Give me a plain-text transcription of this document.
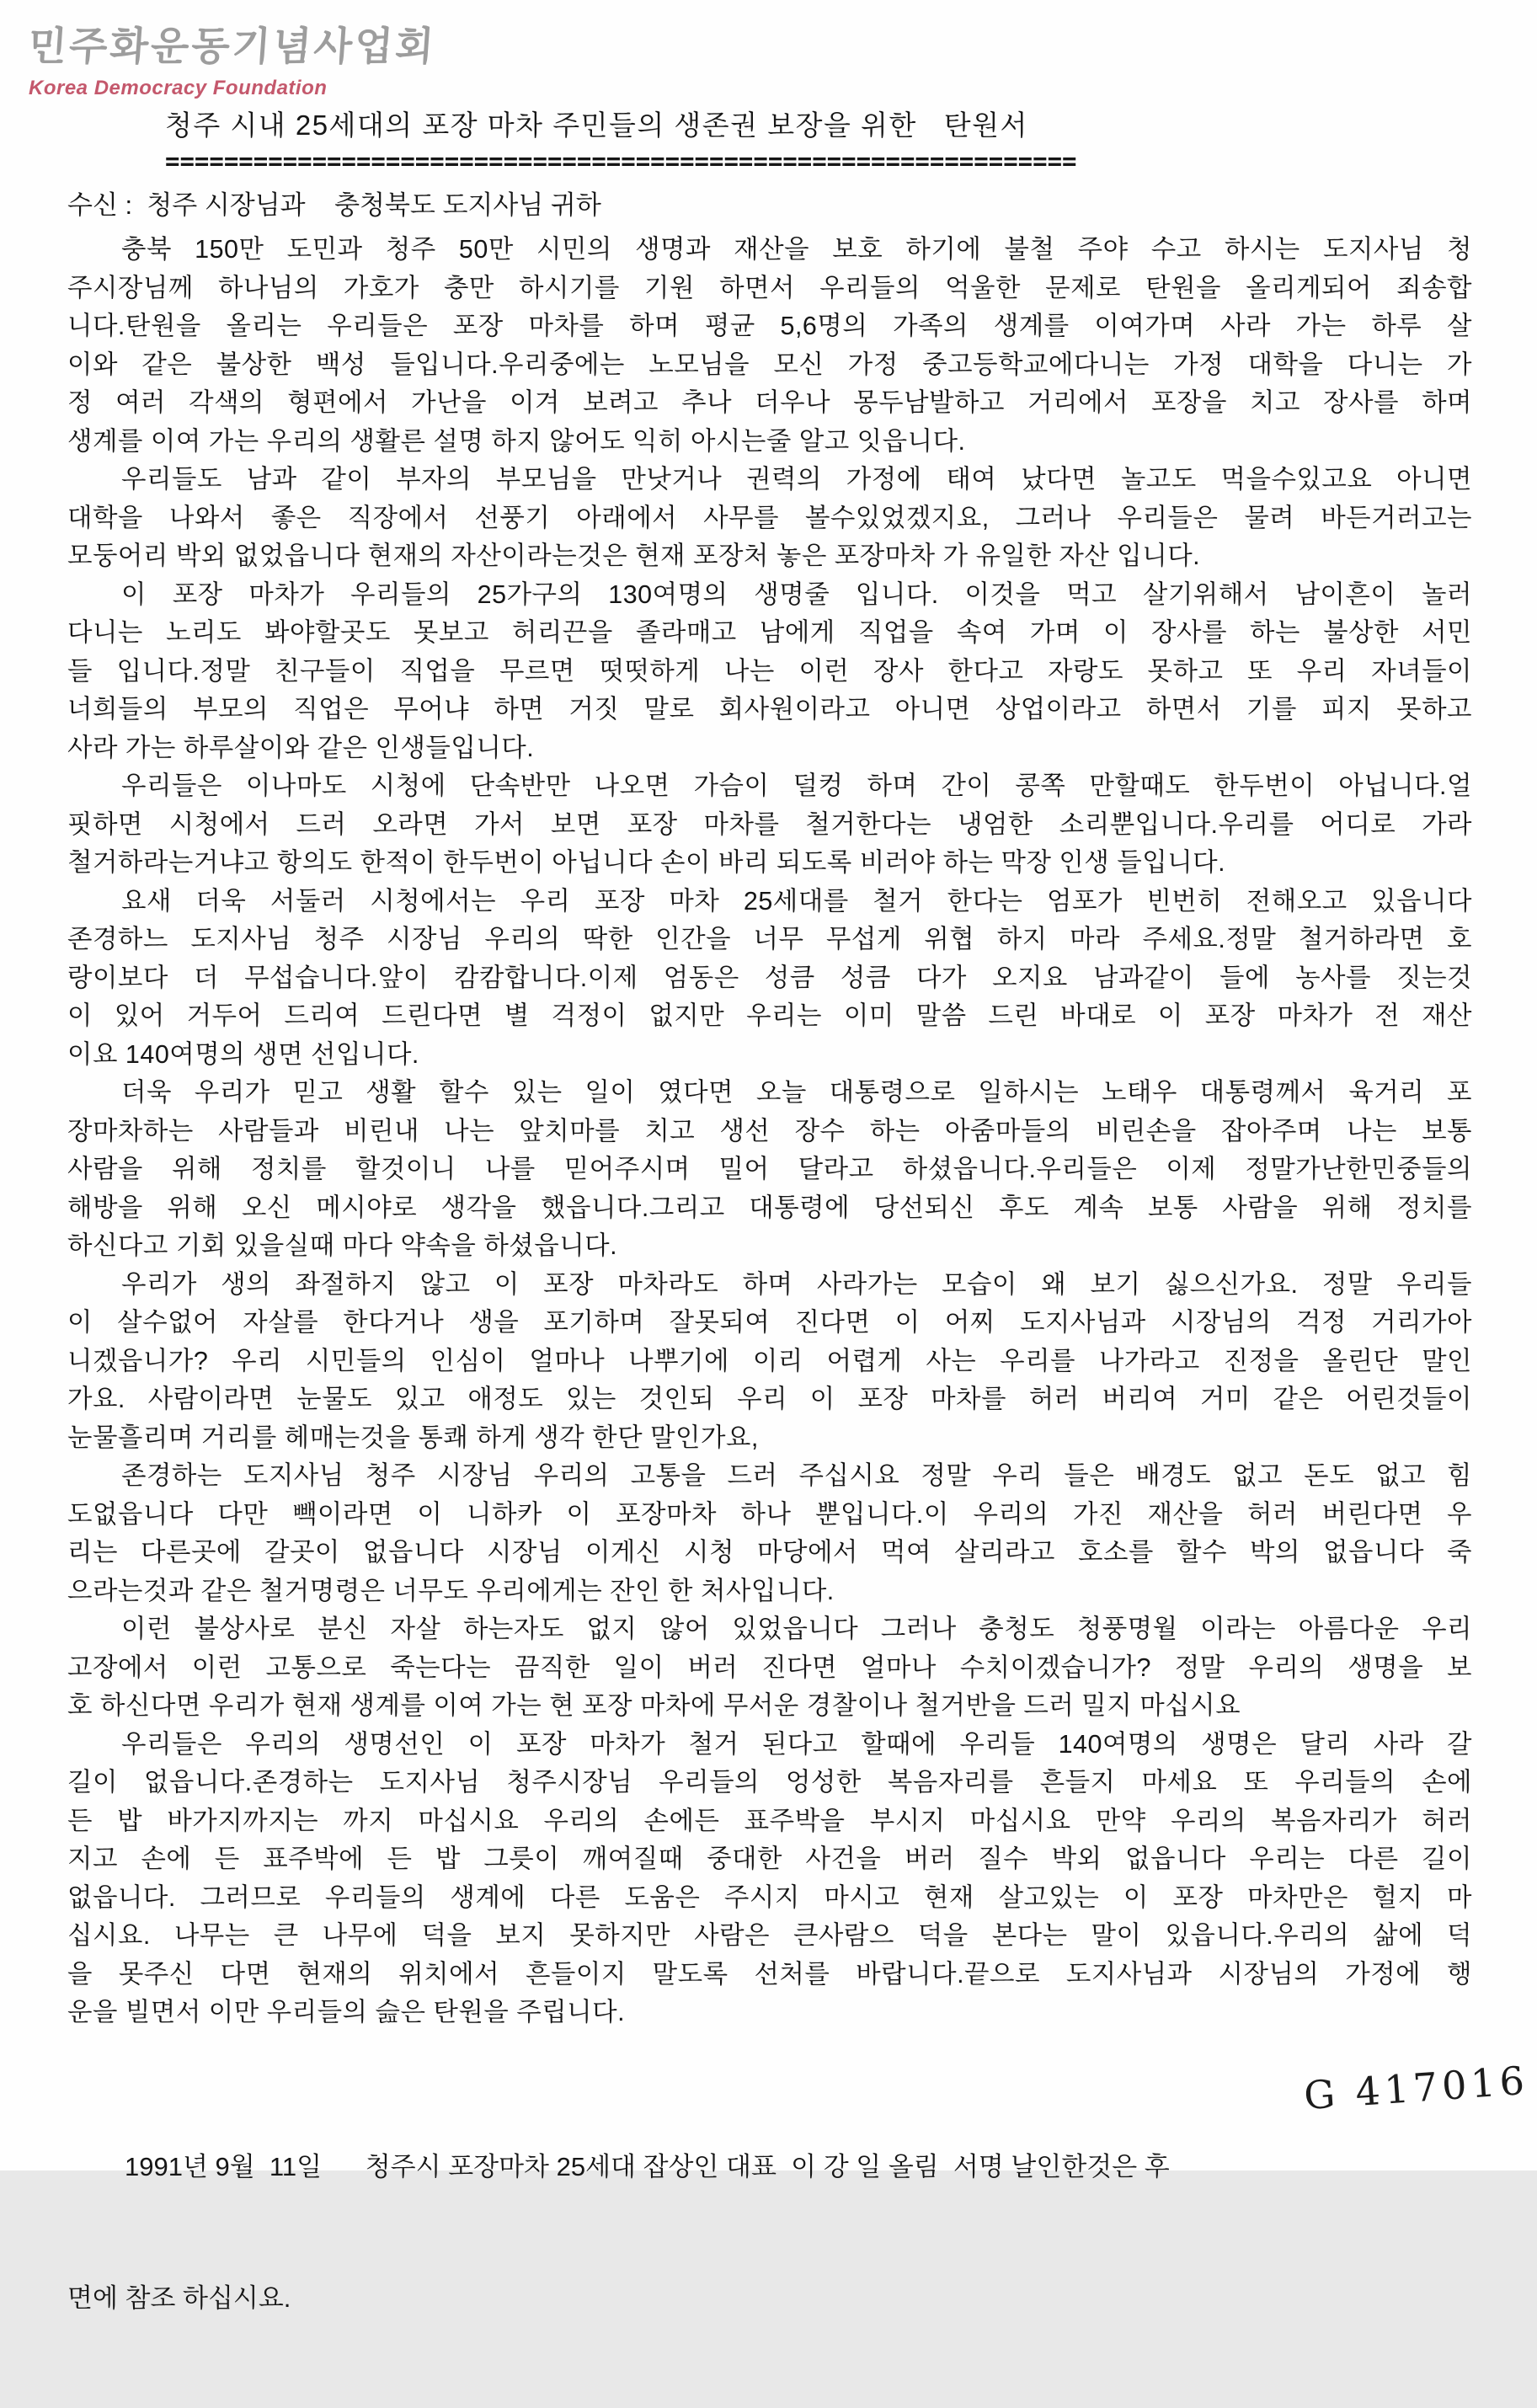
민주화운동기념사업회
Korea Democracy Foundation
청주 시내 25세대의 포장 마차 주민들의 생존권 보장을 위한   탄원서
==============================================================
수신 :  청주 시장님과    충청북도 도지사님 귀하
충북 150만 도민과 청주 50만 시민의 생명과 재산을 보호 하기에 불철 주야 수고 하시는 도지사님 청
주시장님께 하나님의 가호가 충만 하시기를 기원 하면서 우리들의 억울한 문제로 탄원을 올리게되어 죄송합
니다.탄원을 올리는 우리들은 포장 마차를 하며 평균 5,6명의 가족의 생계를 이여가며 사라 가는 하루 살
이와 같은 불상한 백성 들입니다.우리중에는 노모님을 모신 가정 중고등학교에다니는 가정 대학을 다니는 가
정 여러 각색의 형편에서 가난을 이겨 보려고 추나 더우나 몽두남발하고 거리에서 포장을 치고 장사를 하며
생계를 이여 가는 우리의 생활른 설명 하지 않어도 익히 아시는줄 알고 잇읍니다.
우리들도 남과 같이 부자의 부모님을 만낫거나 권력의 가정에 태여 났다면 놀고도 먹을수있고요 아니면
대학을 나와서 좋은 직장에서 선풍기 아래에서 사무를 볼수있었겠지요, 그러나 우리들은 물려 바든거러고는
모둥어리 박외 없었읍니다 현재의 자산이라는것은 현재 포장처 놓은 포장마차 가 유일한 자산 입니다.
이 포장 마차가 우리들의 25가구의 130여명의 생명줄 입니다. 이것을 먹고 살기위해서 남이흔이 놀러
다니는 노리도 봐야할곳도 못보고 허리끈을 졸라매고 남에게 직업을 속여 가며 이 장사를 하는 불상한 서민
들 입니다.정말 친구들이 직업을 무르면 떳떳하게 나는 이런 장사 한다고 자랑도 못하고 또 우리 자녀들이
너희들의 부모의 직업은 무어냐 하면 거짓 말로 회사원이라고 아니면 상업이라고 하면서 기를 피지 못하고
사라 가는 하루살이와 같은 인생들입니다.
우리들은 이나마도 시청에 단속반만 나오면 가슴이 덜컹 하며 간이 콩쪽 만할때도 한두번이 아닙니다.얼
핏하면 시청에서 드러 오라면 가서 보면 포장 마차를 철거한다는 냉엄한 소리뿐입니다.우리를 어디로 가라
철거하라는거냐고 항의도 한적이 한두번이 아닙니다 손이 바리 되도록 비러야 하는 막장 인생 들입니다.
요새 더욱 서둘러 시청에서는 우리 포장 마차 25세대를 철거 한다는 엄포가 빈번히 전해오고 있읍니다
존경하느 도지사님 청주 시장님 우리의 딱한 인간을 너무 무섭게 위협 하지 마라 주세요.정말 철거하라면 호
랑이보다 더 무섭습니다.앞이 캄캄합니다.이제 엄동은 성큼 성큼 다가 오지요 남과같이 들에 농사를 짓는것
이 있어 거두어 드리여 드린다면 별 걱정이 없지만 우리는 이미 말씀 드린 바대로 이 포장 마차가 전 재산
이요 140여명의 생면 선입니다.
더욱 우리가 믿고 생활 할수 있는 일이 였다면 오늘 대통령으로 일하시는 노태우 대통령께서 육거리 포
장마차하는 사람들과 비린내 나는 앞치마를 치고 생선 장수 하는 아줌마들의 비린손을 잡아주며 나는 보통
사람을 위해 정치를 할것이니 나를 믿어주시며 밀어 달라고 하셨읍니다.우리들은 이제 정말가난한민중들의
해방을 위해 오신 메시야로 생각을 했읍니다.그리고 대통령에 당선되신 후도 계속 보통 사람을 위해 정치를
하신다고 기회 있을실때 마다 약속을 하셨읍니다.
우리가 생의 좌절하지 않고 이 포장 마차라도 하며 사라가는 모습이 왜 보기 싫으신가요. 정말 우리들
이 살수없어 자살를 한다거나 생을 포기하며 잘못되여 진다면 이 어찌 도지사님과 시장님의 걱정 거리가아
니겠읍니가? 우리 시민들의 인심이 얼마나 나뿌기에 이리 어렵게 사는 우리를 나가라고 진정을 올린단 말인
가요. 사람이라면 눈물도 있고 애정도 있는 것인되 우리 이 포장 마차를 허러 버리여 거미 같은 어린것들이
눈물흘리며 거리를 헤매는것을 통쾌 하게 생각 한단 말인가요,
존경하는 도지사님 청주 시장님 우리의 고통을 드러 주십시요 정말 우리 들은 배경도 없고 돈도 없고 힘
도없읍니다 다만 빽이라면 이 니하카 이 포장마차 하나 뿐입니다.이 우리의 가진 재산을 허러 버린다면 우
리는 다른곳에 갈곳이 없읍니다 시장님 이게신 시청 마당에서 먹여 살리라고 호소를 할수 박의 없읍니다 죽
으라는것과 같은 철거명령은 너무도 우리에게는 잔인 한 처사입니다.
이런 불상사로 분신 자살 하는자도 없지 않어 있었읍니다 그러나 충청도 청풍명월 이라는 아름다운 우리
고장에서 이런 고통으로 죽는다는 끔직한 일이 버러 진다면 얼마나 수치이겠습니가? 정말 우리의 생명을 보
호 하신다면 우리가 현재 생계를 이여 가는 현 포장 마차에 무서운 경찰이나 철거반을 드러 밀지 마십시요
우리들은 우리의 생명선인 이 포장 마차가 철거 된다고 할때에 우리들 140여명의 생명은 달리 사라 갈
길이 없읍니다.존경하는 도지사님 청주시장님 우리들의 엉성한 복음자리를 흔들지 마세요 또 우리들의 손에
든 밥 바가지까지는 까지 마십시요 우리의 손에든 표주박을 부시지 마십시요 만약 우리의 복음자리가 허러
지고 손에 든 표주박에 든 밥 그릇이 깨여질때 중대한 사건을 버러 질수 박외 없읍니다 우리는 다른 길이
없읍니다. 그러므로 우리들의 생계에 다른 도움은 주시지 마시고 현재 살고있는 이 포장 마차만은 헐지 마
십시요. 나무는 큰 나무에 덕을 보지 못하지만 사람은 큰사람으 덕을 본다는 말이 있읍니다.우리의 삶에 덕
을 못주신 다면 현재의 위치에서 흔들이지 말도록 선처를 바랍니다.끝으로 도지사님과 시장님의 가정에 행
운을 빌면서 이만 우리들의 슲은 탄원을 주립니다.

1991년 9월  11일      청주시 포장마차 25세대 잡상인 대표  이 강 일 올림  서명 날인한것은 후

면에 참조 하십시요.

G 417016
